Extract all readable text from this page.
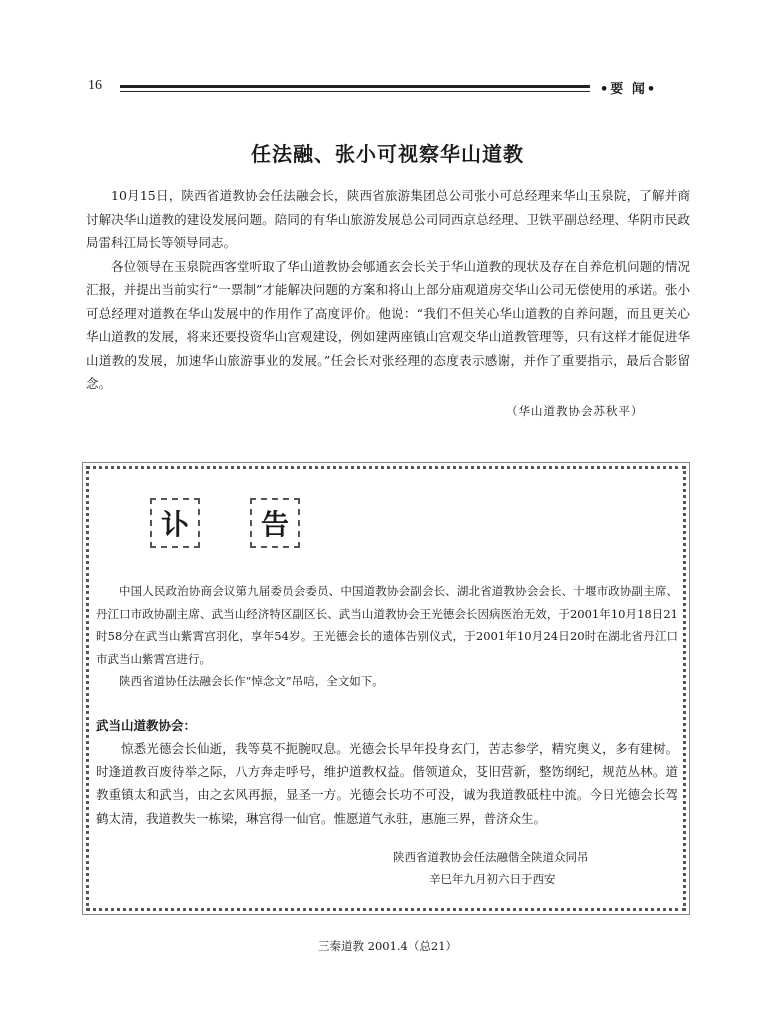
16	•要 闻•
任法融、张小可视察华山道教

10月15日，陕西省道教协会任法融会长，陕西省旅游集团总公司张小可总经理来华山玉泉院，了解并商讨解决华山道教的建设发展问题。陪同的有华山旅游发展总公司同西京总经理、卫铁平副总经理、华阴市民政局雷科江局长等领导同志。

各位领导在玉泉院西客堂听取了华山道教协会郇通玄会长关于华山道教的现状及存在自养危机问题的情况汇报，并提出当前实行“一票制”才能解决问题的方案和将山上部分庙观道房交华山公司无偿使用的承诺。张小可总经理对道教在华山发展中的作用作了高度评价。他说：“我们不但关心华山道教的自养问题，而且更关心华山道教的发展，将来还要投资华山宫观建设，例如建两座镇山宫观交华山道教管理等，只有这样才能促进华山道教的发展，加速华山旅游事业的发展。”任会长对张经理的态度表示感谢，并作了重要指示，最后合影留念。

（华山道教协会苏秋平）
讣	告

中国人民政治协商会议第九届委员会委员、中国道教协会副会长、湖北省道教协会会长、十堰市政协副主席、丹江口市政协副主席、武当山经济特区副区长、武当山道教协会王光德会长因病医治无效，于2001年10月18日21时58分在武当山紫霄宫羽化，享年54岁。王光德会长的遗体告别仪式，于2001年10月24日20时在湖北省丹江口市武当山紫霄宫进行。

陕西省道协任法融会长作“悼念文”吊唁，全文如下。

武当山道教协会：
惊悉光德会长仙逝，我等莫不扼腕叹息。光德会长早年投身玄门，苦志参学，精究奥义，多有建树。时逢道教百废待举之际，八方奔走呼号，维护道教权益。偕领道众，芟旧营新，整饬纲纪，规范丛林。道教重镇太和武当，由之玄风再振，显圣一方。光德会长功不可没，诚为我道教砥柱中流。今日光德会长驾鹤太清，我道教失一栋梁，琳宫得一仙官。惟愿道气永驻，惠施三界，普济众生。
陕西省道教协会任法融偕全陕道众同吊
辛巳年九月初六日于西安
三秦道教 2001.4（总21）
